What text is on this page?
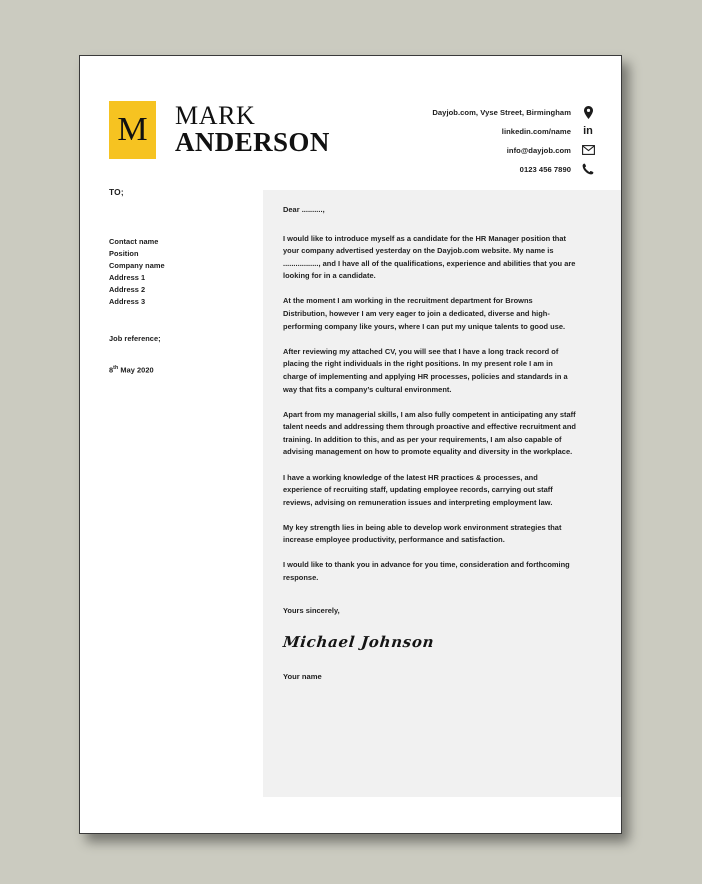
M	MARK
ANDERSON
Dayjob.com, Vyse Street, Birmingham
linkedin.com/name in
info@dayjob.com
0123 456 7890
TO;
Contact name
Position
Company name
Address 1
Address 2
Address 3
Job reference;
8th May 2020

Dear ..........,

I would like to introduce myself as a candidate for the HR Manager position that your company advertised yesterday on the Dayjob.com website. My name is ................., and I have all of the qualifications, experience and abilities that you are looking for in a candidate.

At the moment I am working in the recruitment department for Browns Distribution, however I am very eager to join a dedicated, diverse and high-performing company like yours, where I can put my unique talents to good use.

After reviewing my attached CV, you will see that I have a long track record of placing the right individuals in the right positions. In my present role I am in charge of implementing and applying HR processes, policies and standards in a way that fits a company’s cultural environment.

Apart from my managerial skills, I am also fully competent in anticipating any staff talent needs and addressing them through proactive and effective recruitment and training. In addition to this, and as per your requirements, I am also capable of advising management on how to promote equality and diversity in the workplace.

I have a working knowledge of the latest HR practices & processes, and experience of recruiting staff, updating employee records, carrying out staff reviews, advising on remuneration issues and interpreting employment law.

My key strength lies in being able to develop work environment strategies that increase employee productivity, performance and satisfaction.

I would like to thank you in advance for you time, consideration and forthcoming response.

Yours sincerely,

Michael Johnson
Your name
